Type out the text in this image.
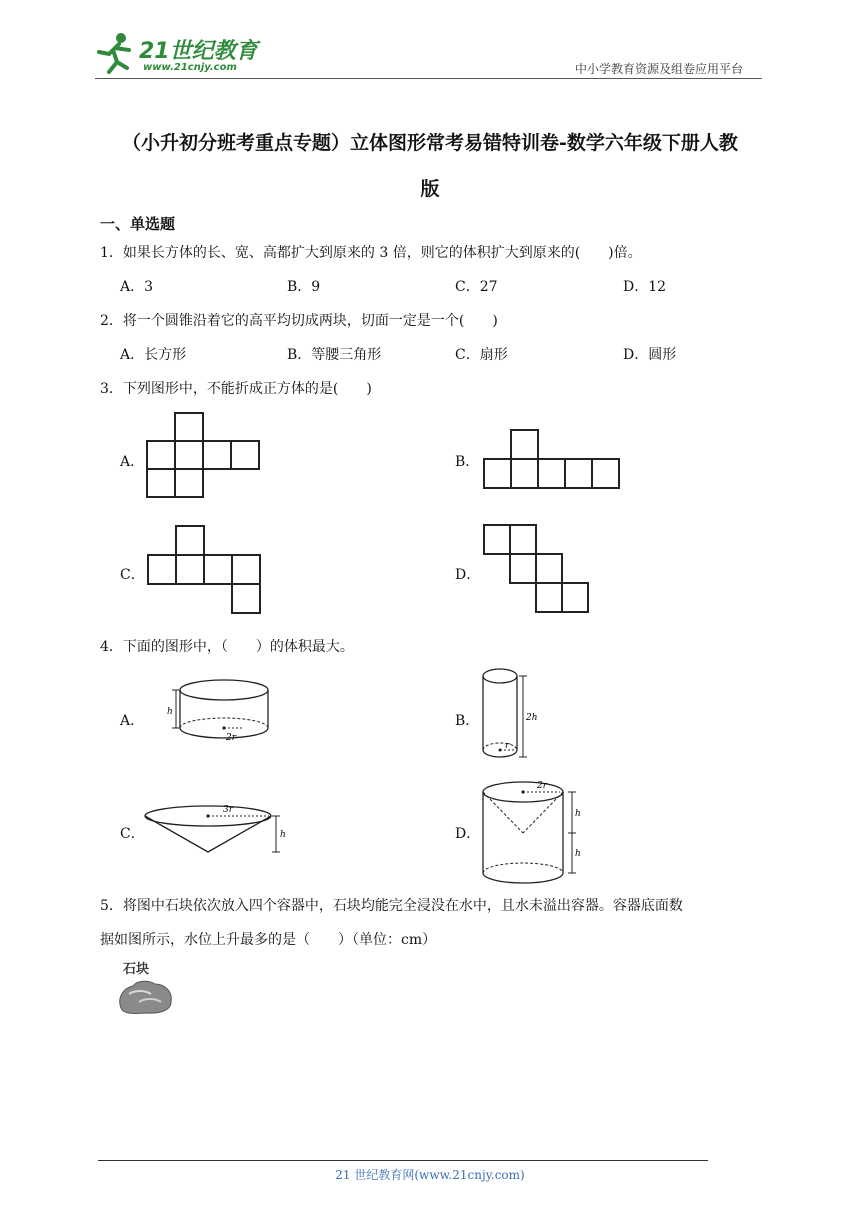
21世纪教育
www.21cnjy.com	中小学教育资源及组卷应用平台
（小升初分班考重点专题）立体图形常考易错特训卷-数学六年级下册人教
版
一、单选题
1．如果长方体的长、宽、高都扩大到原来的 3 倍，则它的体积扩大到原来的(　　)倍。
A．3	B．9	C．27	D．12
2．将一个圆锥沿着它的高平均切成两块，切面一定是一个(　　)
A．长方形	B．等腰三角形	C．扇形	D．圆形
3．下列图形中，不能折成正方体的是(　　)
A．	B．
C．	D．
4．下面的图形中，（　　）的体积最大。
A．
h
2r
B．
r
2h
C．
3r
h	D．
2r
h
h
5．将图中石块依次放入四个容器中，石块均能完全浸没在水中，且水未溢出容器。容器底面数
据如图所示，水位上升最多的是（　　）（单位：cm）
石块
21 世纪教育网(www.21cnjy.com)
